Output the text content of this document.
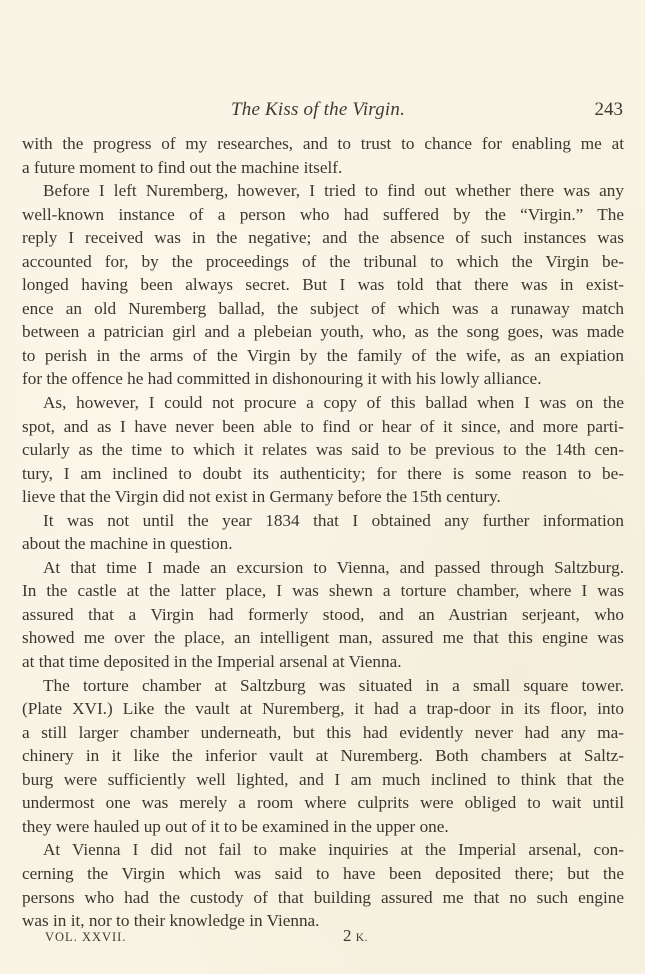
The Kiss of the Virgin.	243
with the progress of my researches, and to trust to chance for enabling me at
a future moment to find out the machine itself.
Before I left Nuremberg, however, I tried to find out whether there was any
well-known instance of a person who had suffered by the “Virgin.” The
reply I received was in the negative; and the absence of such instances was
accounted for, by the proceedings of the tribunal to which the Virgin be-
longed having been always secret. But I was told that there was in exist-
ence an old Nuremberg ballad, the subject of which was a runaway match
between a patrician girl and a plebeian youth, who, as the song goes, was made
to perish in the arms of the Virgin by the family of the wife, as an expiation
for the offence he had committed in dishonouring it with his lowly alliance.
As, however, I could not procure a copy of this ballad when I was on the
spot, and as I have never been able to find or hear of it since, and more parti-
cularly as the time to which it relates was said to be previous to the 14th cen-
tury, I am inclined to doubt its authenticity; for there is some reason to be-
lieve that the Virgin did not exist in Germany before the 15th century.
It was not until the year 1834 that I obtained any further information
about the machine in question.
At that time I made an excursion to Vienna, and passed through Saltzburg.
In the castle at the latter place, I was shewn a torture chamber, where I was
assured that a Virgin had formerly stood, and an Austrian serjeant, who
showed me over the place, an intelligent man, assured me that this engine was
at that time deposited in the Imperial arsenal at Vienna.
The torture chamber at Saltzburg was situated in a small square tower.
(Plate XVI.) Like the vault at Nuremberg, it had a trap-door in its floor, into
a still larger chamber underneath, but this had evidently never had any ma-
chinery in it like the inferior vault at Nuremberg. Both chambers at Saltz-
burg were sufficiently well lighted, and I am much inclined to think that the
undermost one was merely a room where culprits were obliged to wait until
they were hauled up out of it to be examined in the upper one.
At Vienna I did not fail to make inquiries at the Imperial arsenal, con-
cerning the Virgin which was said to have been deposited there; but the
persons who had the custody of that building assured me that no such engine
was in it, nor to their knowledge in Vienna.
VOL. XXVII.	2 K.
